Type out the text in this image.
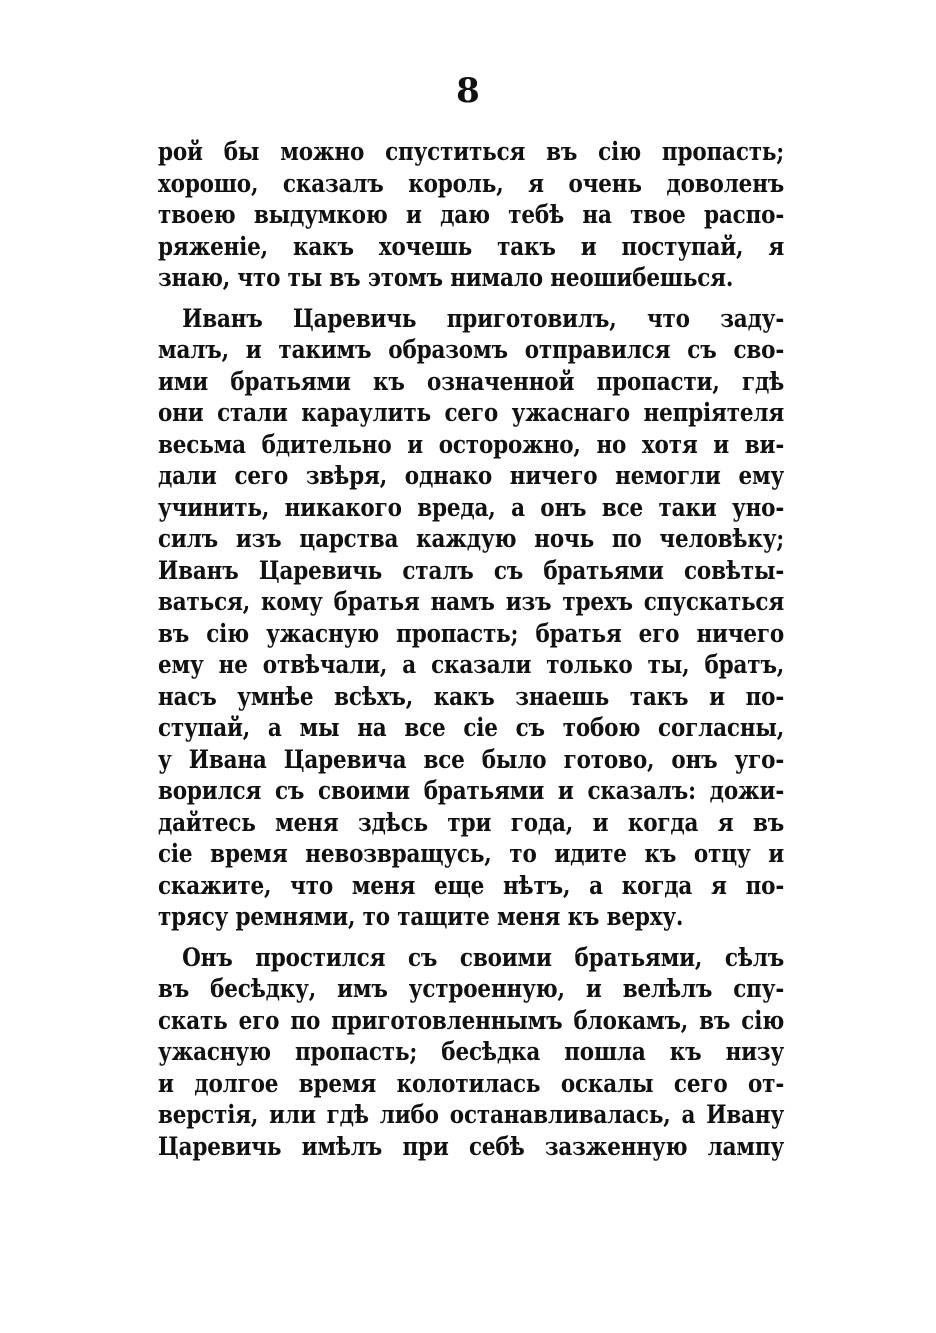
8
рой бы можно спуститься въ сію пропасть;
хорошо, сказалъ король, я очень доволенъ
твоею выдумкою и даю тебѣ на твое распо-
ряженіе, какъ хочешь такъ и поступай, я
знаю, что ты въ этомъ нимало неошибешься.
Иванъ Царевичь приготовилъ, что заду-
малъ, и такимъ образомъ отправился съ сво-
ими братьями къ означенной пропасти, гдѣ
они стали караулить сего ужаснаго непріятеля
весьма бдительно и осторожно, но хотя и ви-
дали сего звѣря, однако ничего немогли ему
учинить, никакого вреда, а онъ все таки уно-
силъ изъ царства каждую ночь по человѣку;
Иванъ Царевичь сталъ съ братьями совѣты-
ваться, кому братья намъ изъ трехъ спускаться
въ сію ужасную пропасть; братья его ничего
ему не отвѣчали, а сказали только ты, братъ,
насъ умнѣе всѣхъ, какъ знаешь такъ и по-
ступай, а мы на все сіе съ тобою согласны,
у Ивана Царевича все было готово, онъ уго-
ворился съ своими братьями и сказалъ: дожи-
дайтесь меня здѣсь три года, и когда я въ
сіе время невозвращусь, то идите къ отцу и
скажите, что меня еще нѣтъ, а когда я по-
трясу ремнями, то тащите меня къ верху.
Онъ простился съ своими братьями, сѣлъ
въ бесѣдку, имъ устроенную, и велѣлъ спу-
скать его по приготовленнымъ блокамъ, въ сію
ужасную пропасть; бесѣдка пошла къ низу
и долгое время колотилась оскалы сего от-
верстія, или гдѣ либо останавливалась, а Ивану
Царевичь имѣлъ при себѣ зазженную лампу
